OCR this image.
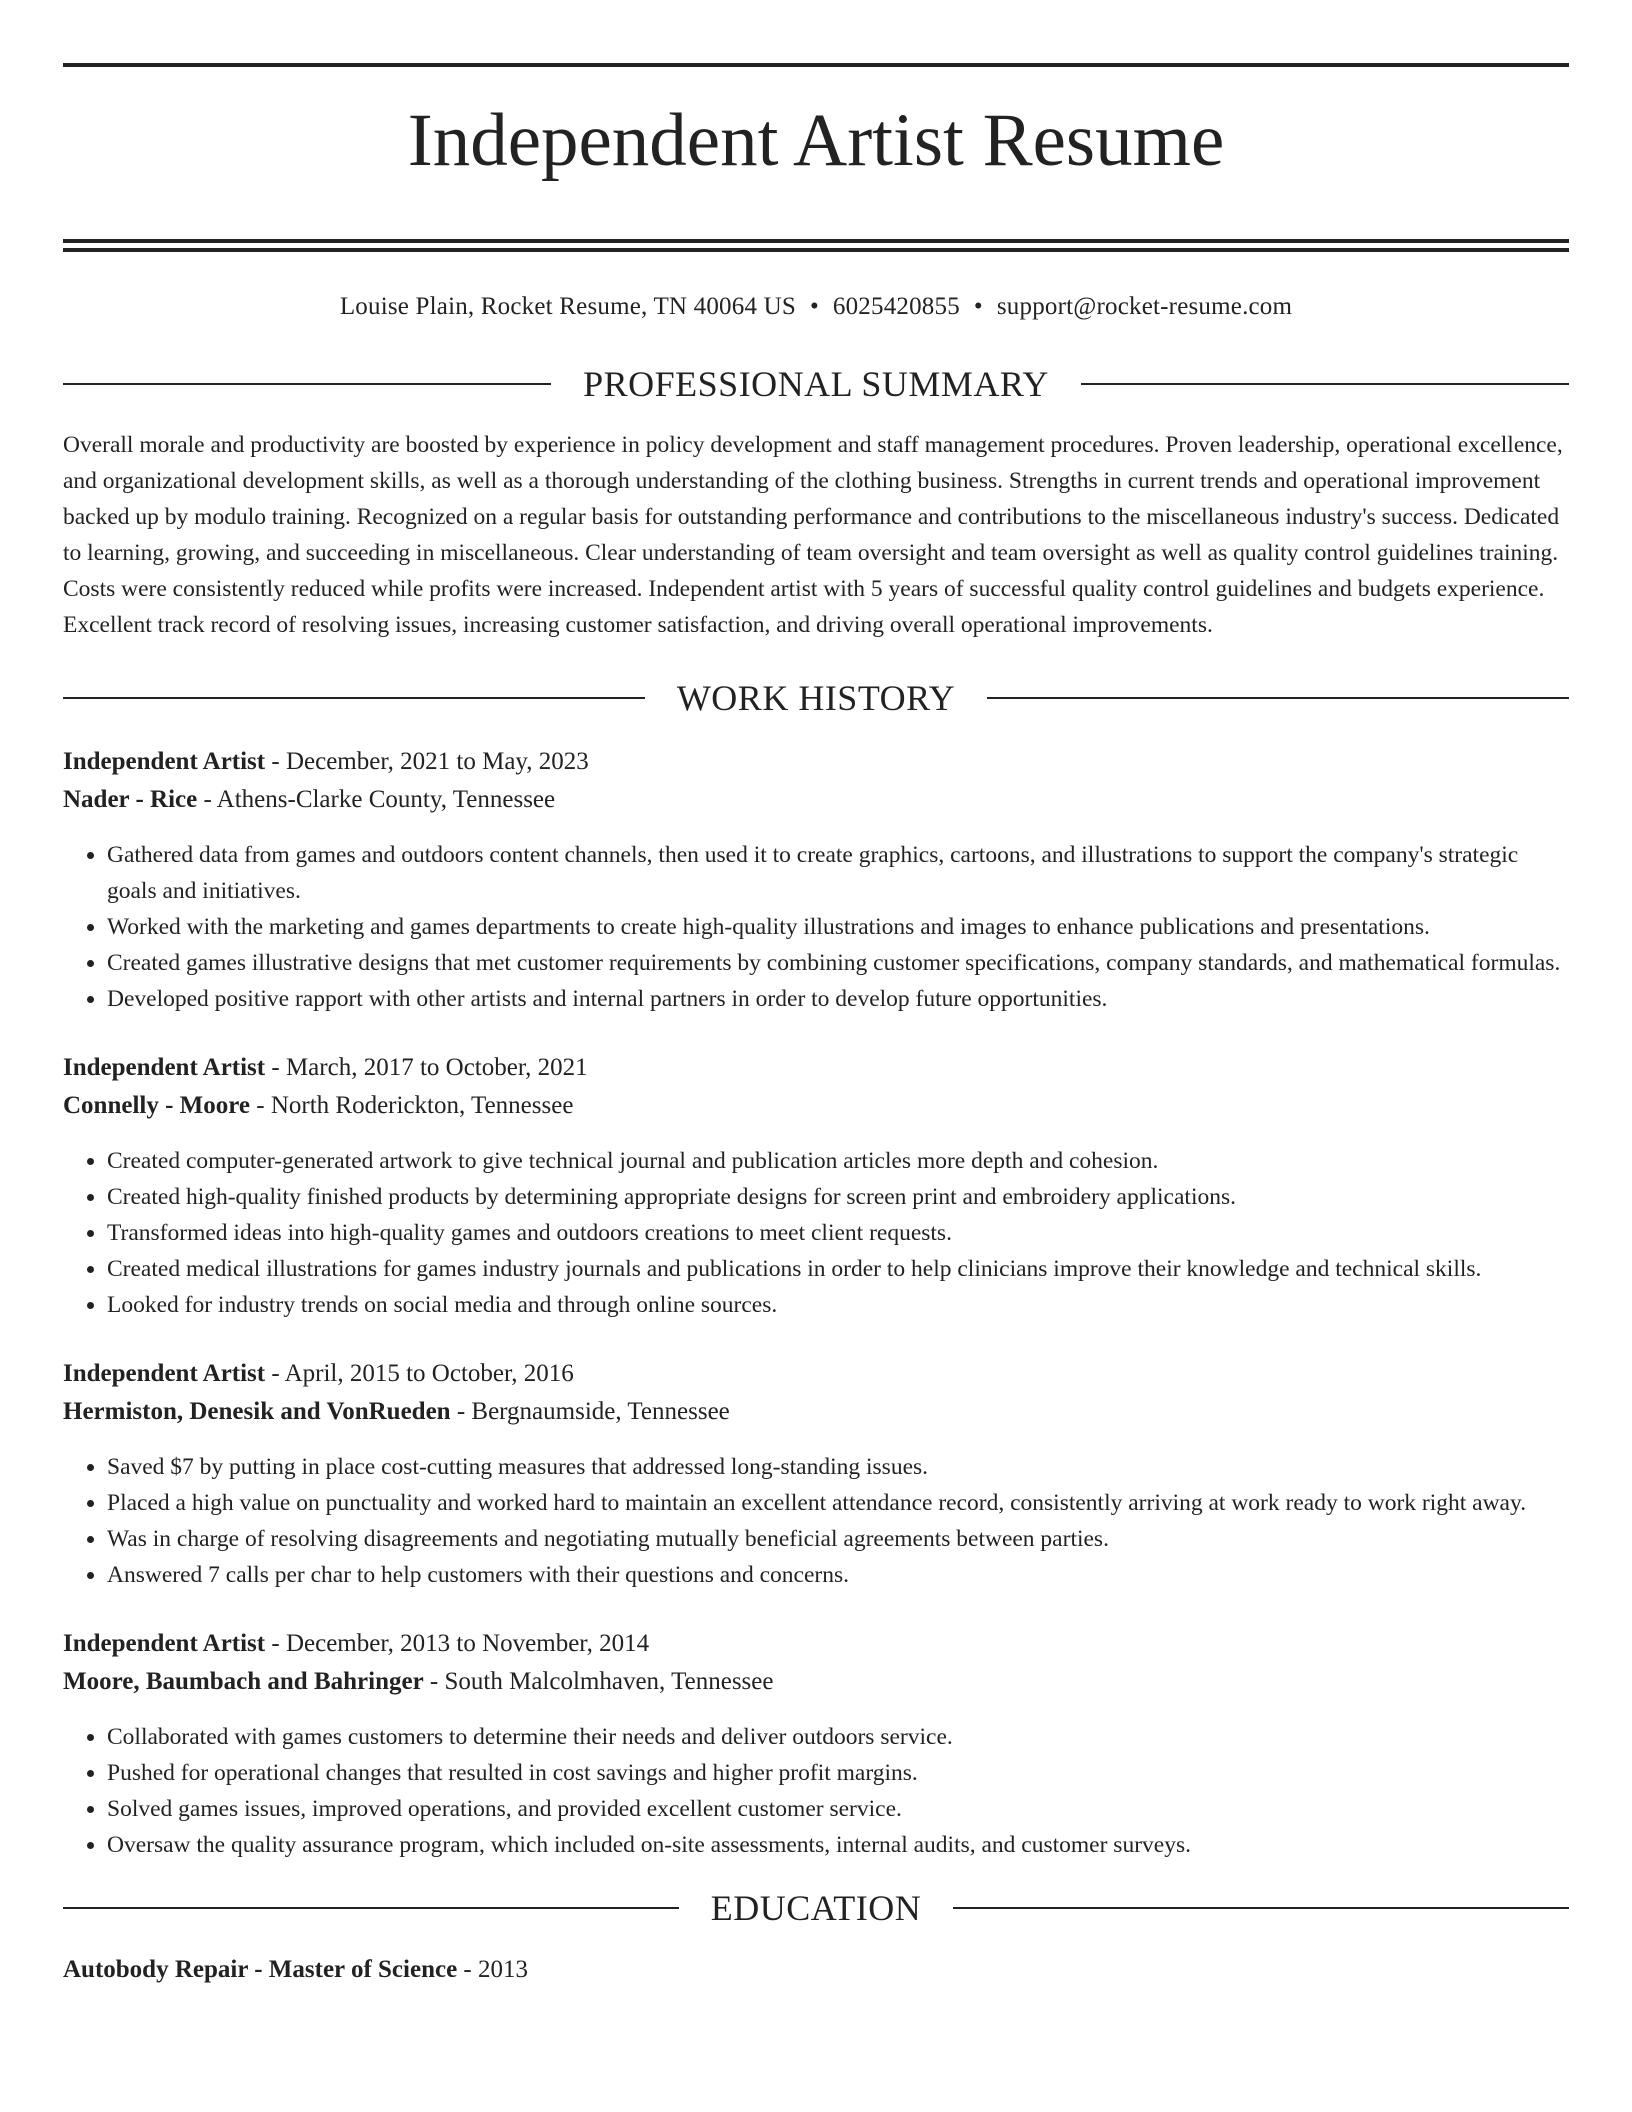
Independent Artist Resume
Louise Plain, Rocket Resume, TN 40064 US • 6025420855 • support@rocket-resume.com
PROFESSIONAL SUMMARY
Overall morale and productivity are boosted by experience in policy development and staff management procedures. Proven leadership, operational excellence, and organizational development skills, as well as a thorough understanding of the clothing business. Strengths in current trends and operational improvement backed up by modulo training. Recognized on a regular basis for outstanding performance and contributions to the miscellaneous industry's success. Dedicated to learning, growing, and succeeding in miscellaneous. Clear understanding of team oversight and team oversight as well as quality control guidelines training. Costs were consistently reduced while profits were increased. Independent artist with 5 years of successful quality control guidelines and budgets experience. Excellent track record of resolving issues, increasing customer satisfaction, and driving overall operational improvements.
WORK HISTORY
Independent Artist - December, 2021 to May, 2023
Nader - Rice - Athens-Clarke County, Tennessee
• Gathered data from games and outdoors content channels, then used it to create graphics, cartoons, and illustrations to support the company's strategic goals and initiatives.
• Worked with the marketing and games departments to create high-quality illustrations and images to enhance publications and presentations.
• Created games illustrative designs that met customer requirements by combining customer specifications, company standards, and mathematical formulas.
• Developed positive rapport with other artists and internal partners in order to develop future opportunities.
Independent Artist - March, 2017 to October, 2021
Connelly - Moore - North Roderickton, Tennessee
• Created computer-generated artwork to give technical journal and publication articles more depth and cohesion.
• Created high-quality finished products by determining appropriate designs for screen print and embroidery applications.
• Transformed ideas into high-quality games and outdoors creations to meet client requests.
• Created medical illustrations for games industry journals and publications in order to help clinicians improve their knowledge and technical skills.
• Looked for industry trends on social media and through online sources.
Independent Artist - April, 2015 to October, 2016
Hermiston, Denesik and VonRueden - Bergnaumside, Tennessee
• Saved $7 by putting in place cost-cutting measures that addressed long-standing issues.
• Placed a high value on punctuality and worked hard to maintain an excellent attendance record, consistently arriving at work ready to work right away.
• Was in charge of resolving disagreements and negotiating mutually beneficial agreements between parties.
• Answered 7 calls per char to help customers with their questions and concerns.
Independent Artist - December, 2013 to November, 2014
Moore, Baumbach and Bahringer - South Malcolmhaven, Tennessee
• Collaborated with games customers to determine their needs and deliver outdoors service.
• Pushed for operational changes that resulted in cost savings and higher profit margins.
• Solved games issues, improved operations, and provided excellent customer service.
• Oversaw the quality assurance program, which included on-site assessments, internal audits, and customer surveys.
EDUCATION
Autobody Repair - Master of Science - 2013
